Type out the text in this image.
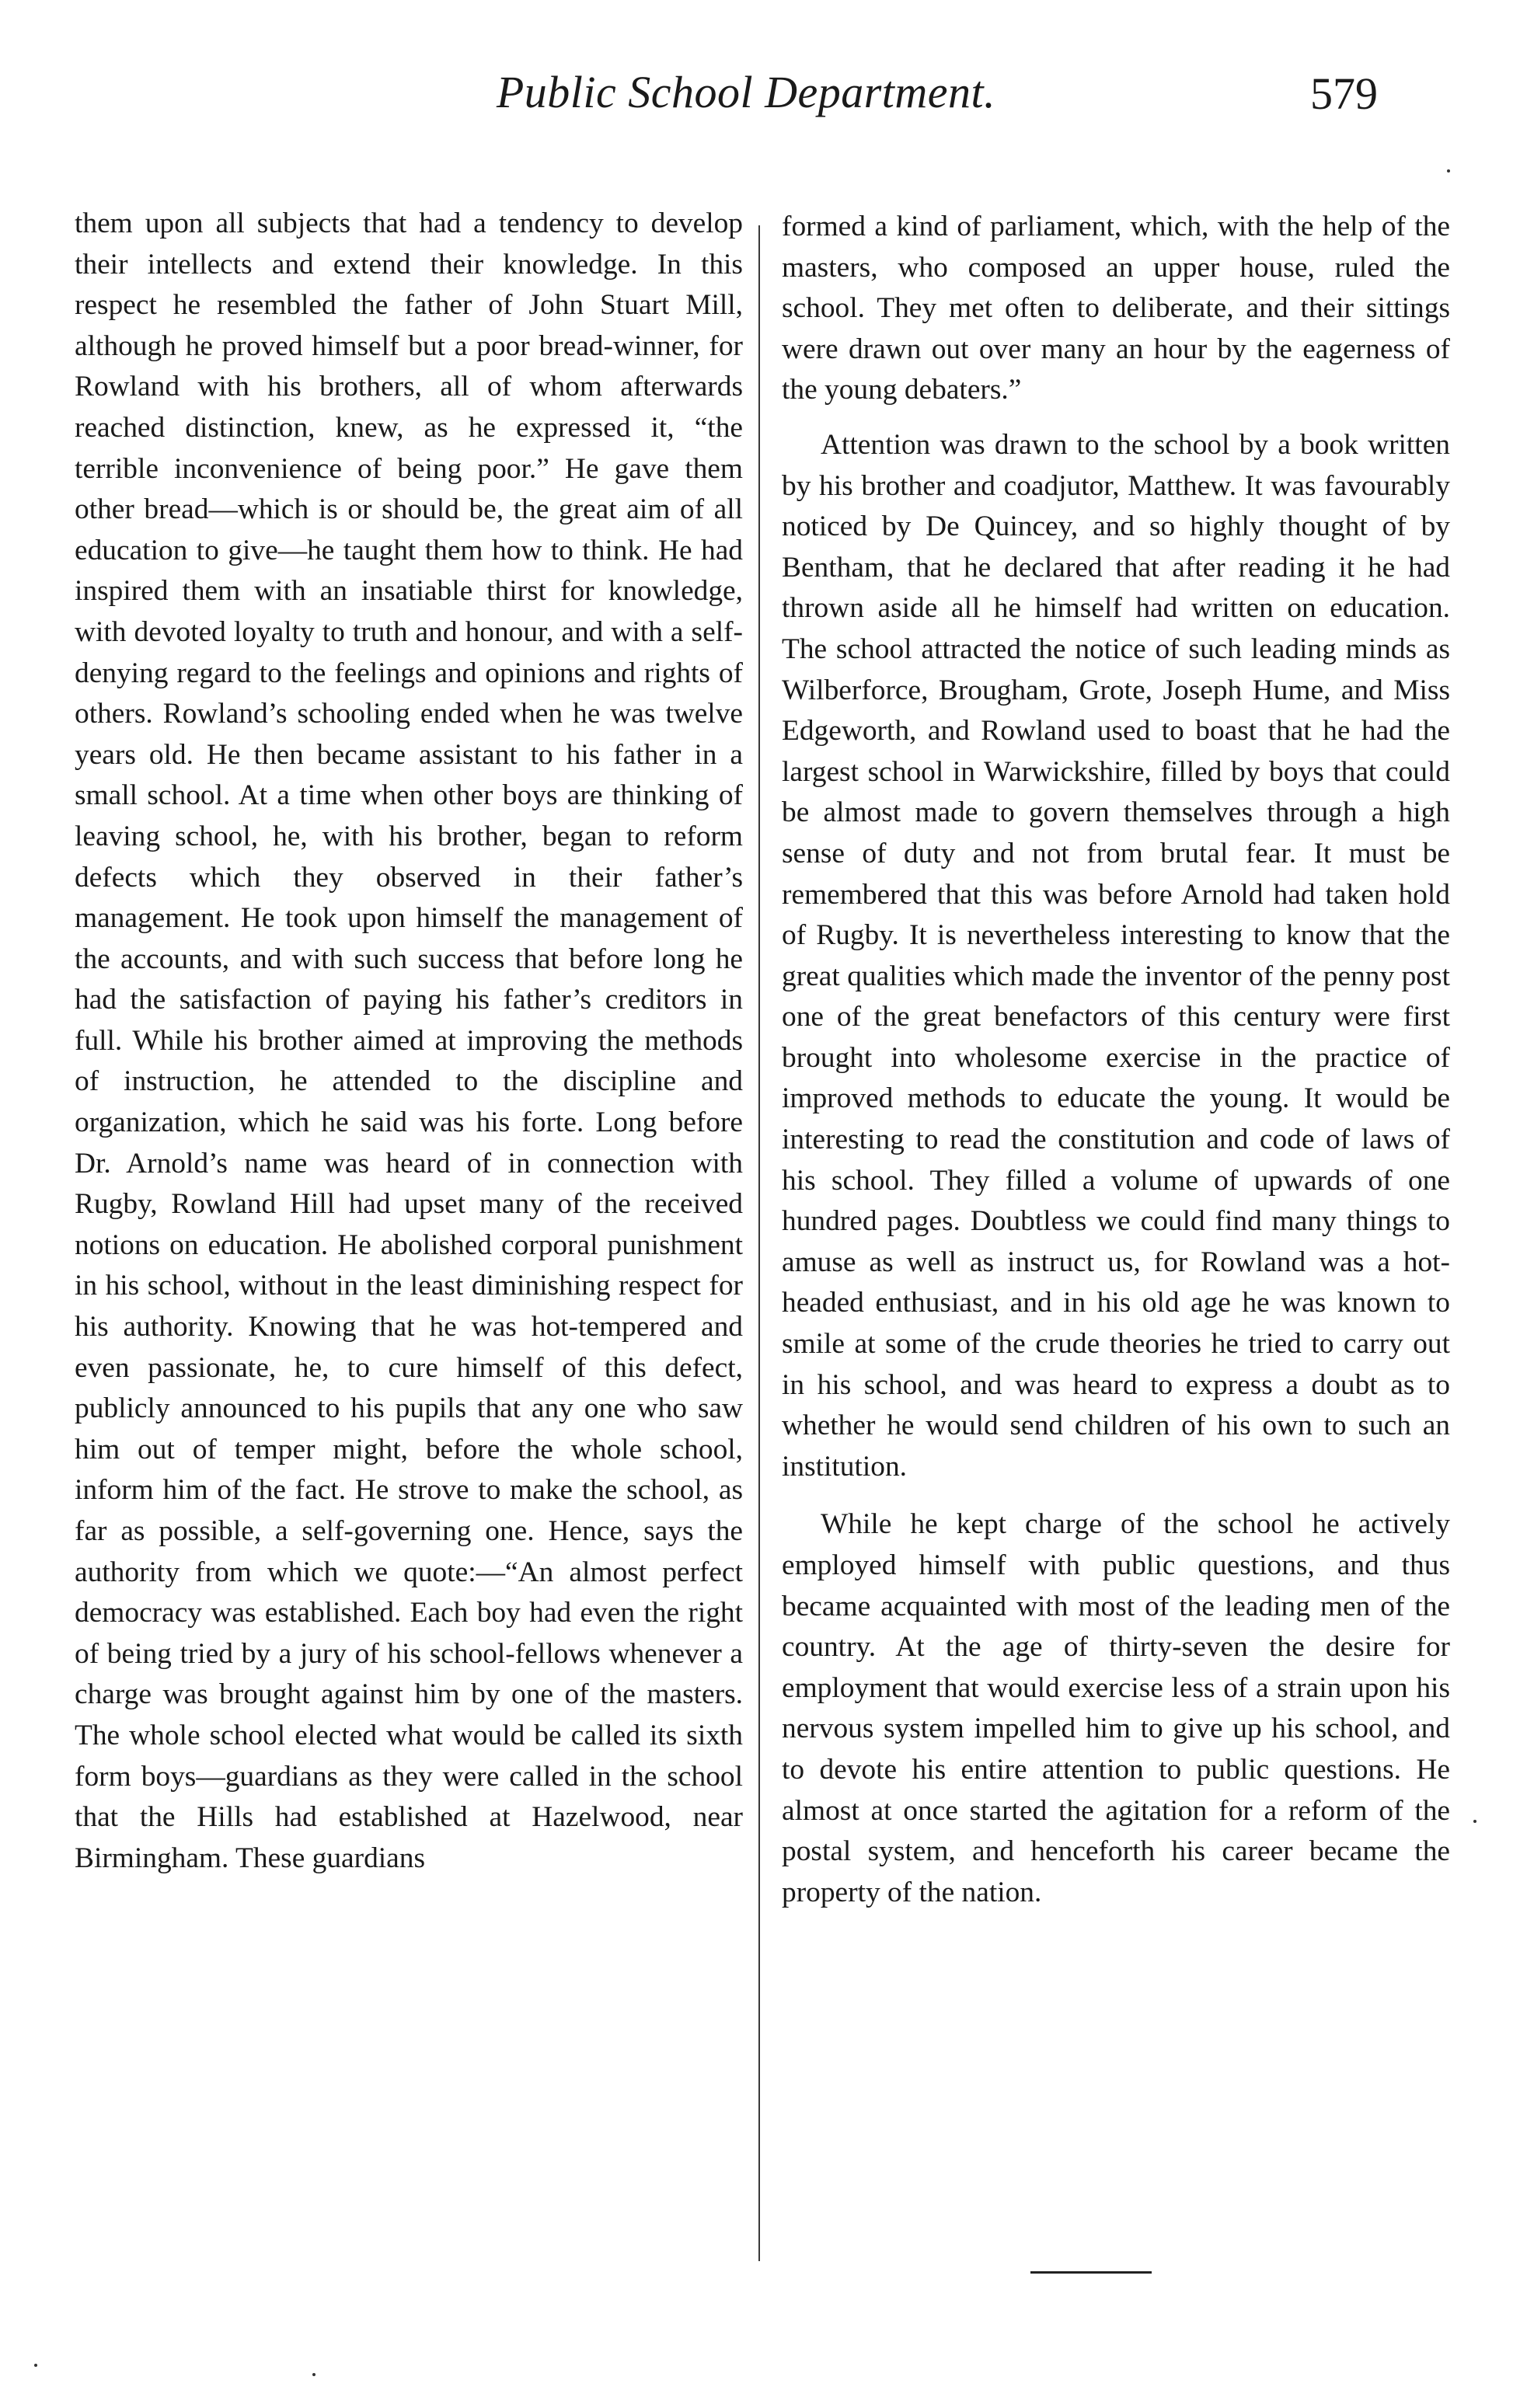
Public School Department.	579

them upon all subjects that had a tendency to develop their intellects and extend their knowledge. In this respect he resembled the father of John Stuart Mill, although he proved himself but a poor bread-winner, for Rowland with his brothers, all of whom afterwards reached distinction, knew, as he expressed it, “the terrible inconvenience of being poor.” He gave them other bread—which is or should be, the great aim of all education to give—he taught them how to think. He had inspired them with an insatiable thirst for knowledge, with devoted loyalty to truth and honour, and with a self-denying regard to the feelings and opinions and rights of others. Rowland’s schooling ended when he was twelve years old. He then became assistant to his father in a small school. At a time when other boys are thinking of leaving school, he, with his brother, began to reform defects which they observed in their father’s management. He took upon himself the management of the accounts, and with such success that before long he had the satisfaction of paying his father’s creditors in full. While his brother aimed at improving the methods of instruction, he attended to the discipline and organization, which he said was his forte. Long before Dr. Arnold’s name was heard of in connection with Rugby, Rowland Hill had upset many of the received notions on education. He abolished corporal punishment in his school, without in the least diminishing respect for his authority. Knowing that he was hot-tempered and even passionate, he, to cure himself of this defect, publicly announced to his pupils that any one who saw him out of temper might, before the whole school, inform him of the fact. He strove to make the school, as far as possible, a self-governing one. Hence, says the authority from which we quote:—“An almost perfect democracy was established. Each boy had even the right of being tried by a jury of his school-fellows whenever a charge was brought against him by one of the masters. The whole school elected what would be called its sixth form boys—guardians as they were called in the school that the Hills had established at Hazelwood, near Birmingham. These guardians

formed a kind of parliament, which, with the help of the masters, who composed an upper house, ruled the school. They met often to deliberate, and their sittings were drawn out over many an hour by the eagerness of the young debaters.”

Attention was drawn to the school by a book written by his brother and coadjutor, Matthew. It was favourably noticed by De Quincey, and so highly thought of by Bentham, that he declared that after reading it he had thrown aside all he himself had written on education. The school attracted the notice of such leading minds as Wilberforce, Brougham, Grote, Joseph Hume, and Miss Edgeworth, and Rowland used to boast that he had the largest school in Warwickshire, filled by boys that could be almost made to govern themselves through a high sense of duty and not from brutal fear. It must be remembered that this was before Arnold had taken hold of Rugby. It is nevertheless interesting to know that the great qualities which made the inventor of the penny post one of the great benefactors of this century were first brought into wholesome exercise in the practice of improved methods to educate the young. It would be interesting to read the constitution and code of laws of his school. They filled a volume of upwards of one hundred pages. Doubtless we could find many things to amuse as well as instruct us, for Rowland was a hot-headed enthusiast, and in his old age he was known to smile at some of the crude theories he tried to carry out in his school, and was heard to express a doubt as to whether he would send children of his own to such an institution.

While he kept charge of the school he actively employed himself with public questions, and thus became acquainted with most of the leading men of the country. At the age of thirty-seven the desire for employment that would exercise less of a strain upon his nervous system impelled him to give up his school, and to devote his entire attention to public questions. He almost at once started the agitation for a reform of the postal system, and henceforth his career became the property of the nation.
